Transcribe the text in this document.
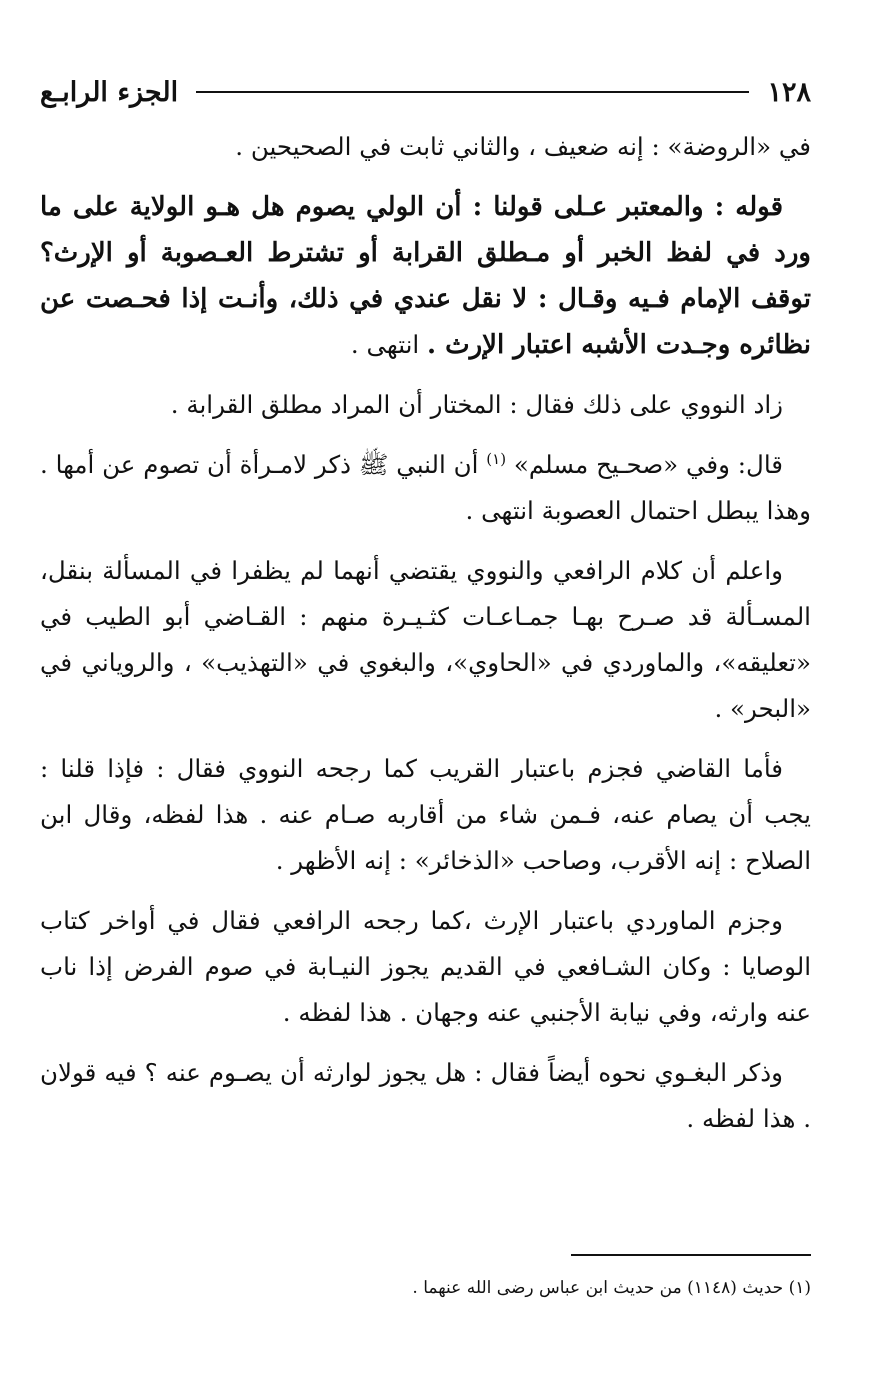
١٢٨
الجزء الرابـع

في «الروضة» : إنه ضعيف ، والثاني ثابت في الصحيحين .

قوله : والمعتبر عـلى قولنا : أن الولي يصوم هل هـو الولاية على ما ورد في لفظ الخبر أو مـطلق القرابة أو تشترط العـصوبة أو الإرث؟ توقف الإمام فـيه وقـال : لا نقل عندي في ذلك، وأنـت إذا فحـصت عن نظائره وجـدت الأشبه اعتبار الإرث . انتهى .

زاد النووي على ذلك فقال : المختار أن المراد مطلق القرابة .

قال: وفي «صحـيح مسلم» $^{(١)}$ أن النبي ﷺ ذكر لامـرأة أن تصوم عن أمها . وهذا يبطل احتمال العصوبة انتهى .

واعلم أن كلام الرافعي والنووي يقتضي أنهما لم يظفرا في المسألة بنقل، المسـألة قد صـرح بهـا جمـاعـات كثـيـرة منهم : القـاضي أبو الطيب في «تعليقه»، والماوردي في «الحاوي»، والبغوي في «التهذيب» ، والروياني في «البحر» .

فأما القاضي فجزم باعتبار القريب كما رجحه النووي فقال : فإذا قلنا : يجب أن يصام عنه، فـمن شاء من أقاربه صـام عنه . هذا لفظه، وقال ابن الصلاح : إنه الأقرب، وصاحب «الذخائر» : إنه الأظهر .

وجزم الماوردي باعتبار الإرث ،كما رجحه الرافعي فقال في أواخر كتاب الوصايا : وكان الشـافعي في القديم يجوز النيـابة في صوم الفرض إذا ناب عنه وارثه، وفي نيابة الأجنبي عنه وجهان . هذا لفظه .

وذكر البغـوي نحوه أيضاً فقال : هل يجوز لوارثه أن يصـوم عنه ؟ فيه قولان . هذا لفظه .

(١) حديث (١١٤٨) من حديث ابن عباس رضى الله عنهما .
